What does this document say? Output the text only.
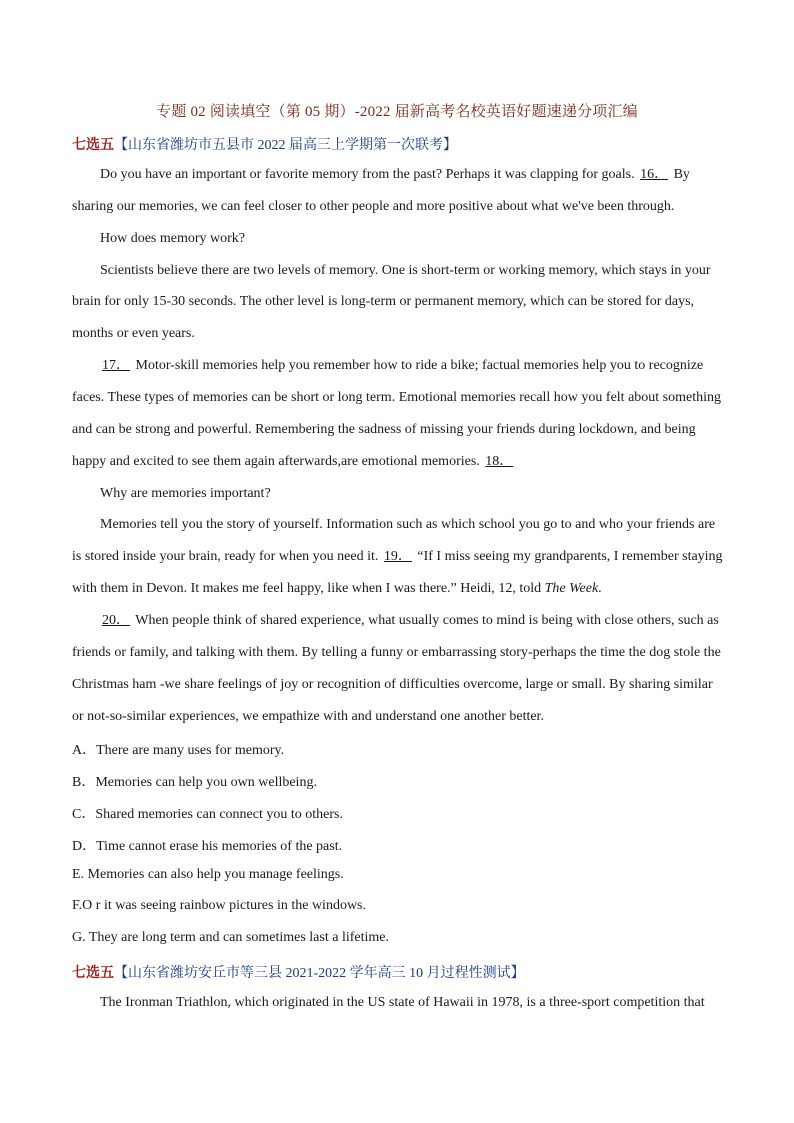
专题 02 阅读填空（第 05 期）-2022 届新高考名校英语好题速递分项汇编
七选五【山东省潍坊市五县市 2022 届高三上学期第一次联考】
Do you have an important or favorite memory from the past? Perhaps it was clapping for goals. 16． By
sharing our memories, we can feel closer to other people and more positive about what we've been through.
How does memory work?
Scientists believe there are two levels of memory. One is short-term or working memory, which stays in your
brain for only 15-30 seconds. The other level is long-term or permanent memory, which can be stored for days,
months or even years.
17． Motor-skill memories help you remember how to ride a bike; factual memories help you to recognize
faces. These types of memories can be short or long term. Emotional memories recall how you felt about something
and can be strong and powerful. Remembering the sadness of missing your friends during lockdown, and being
happy and excited to see them again afterwards,are emotional memories. 18．
Why are memories important?
Memories tell you the story of yourself. Information such as which school you go to and who your friends are
is stored inside your brain, ready for when you need it. 19． “If I miss seeing my grandparents, I remember staying
with them in Devon. It makes me feel happy, like when I was there.” Heidi, 12, told The Week.
20． When people think of shared experience, what usually comes to mind is being with close others, such as
friends or family, and talking with them. By telling a funny or embarrassing story-perhaps the time the dog stole the
Christmas ham -we share feelings of joy or recognition of difficulties overcome, large or small. By sharing similar
or not-so-similar experiences, we empathize with and understand one another better.
A．There are many uses for memory.
B．Memories can help you own wellbeing.
C．Shared memories can connect you to others.
D．Time cannot erase his memories of the past.
E. Memories can also help you manage feelings.
F.O r it was seeing rainbow pictures in the windows.
G. They are long term and can sometimes last a lifetime.
七选五【山东省潍坊安丘市等三县 2021-2022 学年高三 10 月过程性测试】
The Ironman Triathlon, which originated in the US state of Hawaii in 1978, is a three-sport competition that
